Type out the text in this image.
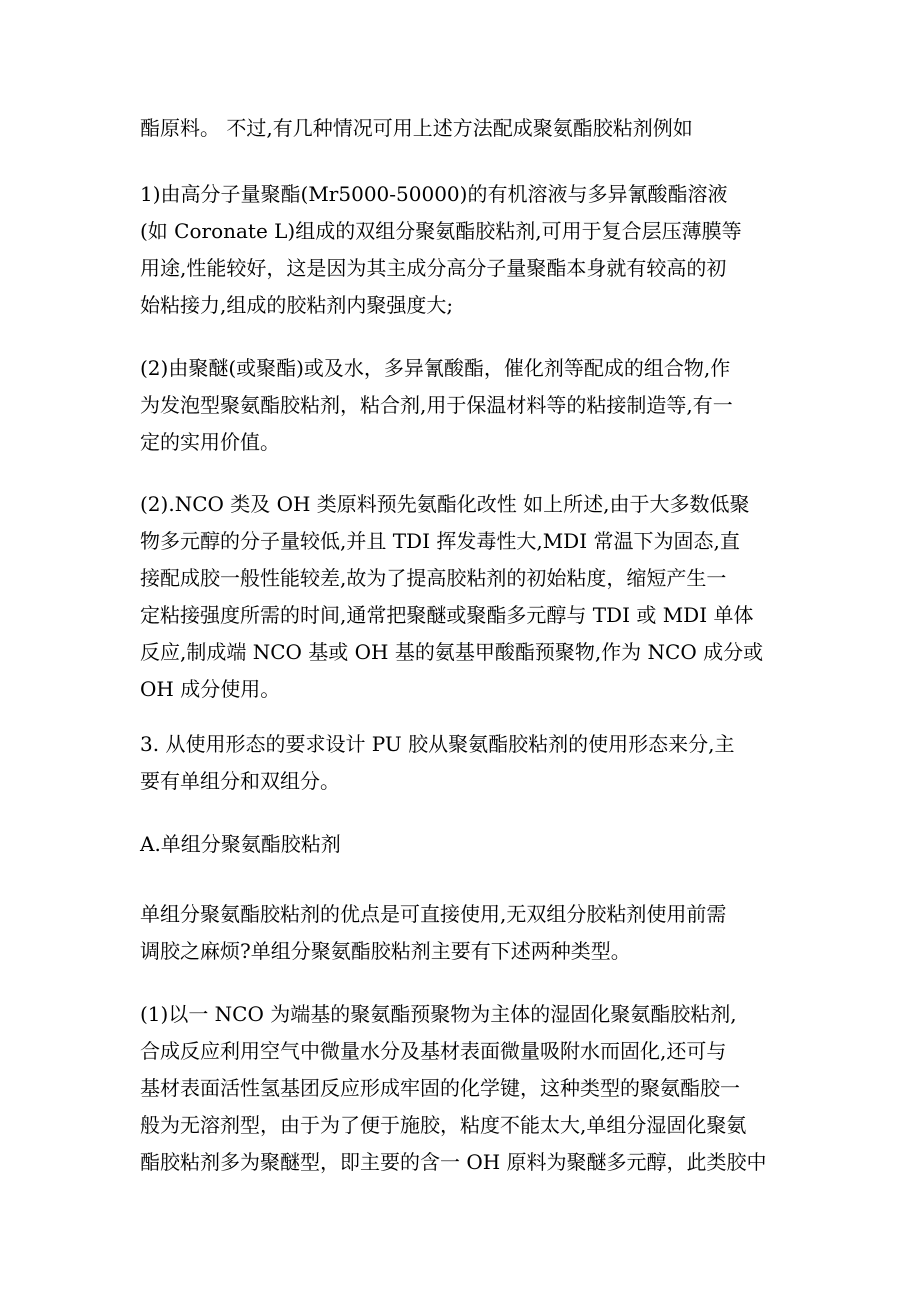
酯原料。 不过,有几种情况可用上述方法配成聚氨酯胶粘剂例如
1)由高分子量聚酯(Mr5000-50000)的有机溶液与多异氰酸酯溶液
(如 Coronate L)组成的双组分聚氨酯胶粘剂,可用于复合层压薄膜等
用途,性能较好，这是因为其主成分高分子量聚酯本身就有较高的初
始粘接力,组成的胶粘剂内聚强度大;
(2)由聚醚(或聚酯)或及水，多异氰酸酯，催化剂等配成的组合物,作
为发泡型聚氨酯胶粘剂，粘合剂,用于保温材料等的粘接制造等,有一
定的实用价值。
(2).NCO 类及 OH 类原料预先氨酯化改性 如上所述,由于大多数低聚
物多元醇的分子量较低,并且 TDI 挥发毒性大,MDI 常温下为固态,直
接配成胶一般性能较差,故为了提高胶粘剂的初始粘度，缩短产生一
定粘接强度所需的时间,通常把聚醚或聚酯多元醇与 TDI 或 MDI 单体
反应,制成端 NCO 基或 OH 基的氨基甲酸酯预聚物,作为 NCO 成分或
OH 成分使用。
3. 从使用形态的要求设计 PU 胶从聚氨酯胶粘剂的使用形态来分,主
要有单组分和双组分。
A.单组分聚氨酯胶粘剂
单组分聚氨酯胶粘剂的优点是可直接使用,无双组分胶粘剂使用前需
调胶之麻烦?单组分聚氨酯胶粘剂主要有下述两种类型。
(1)以一 NCO 为端基的聚氨酯预聚物为主体的湿固化聚氨酯胶粘剂,
合成反应利用空气中微量水分及基材表面微量吸附水而固化,还可与
基材表面活性氢基团反应形成牢固的化学键，这种类型的聚氨酯胶一
般为无溶剂型，由于为了便于施胶，粘度不能太大,单组分湿固化聚氨
酯胶粘剂多为聚醚型，即主要的含一 OH 原料为聚醚多元醇，此类胶中
